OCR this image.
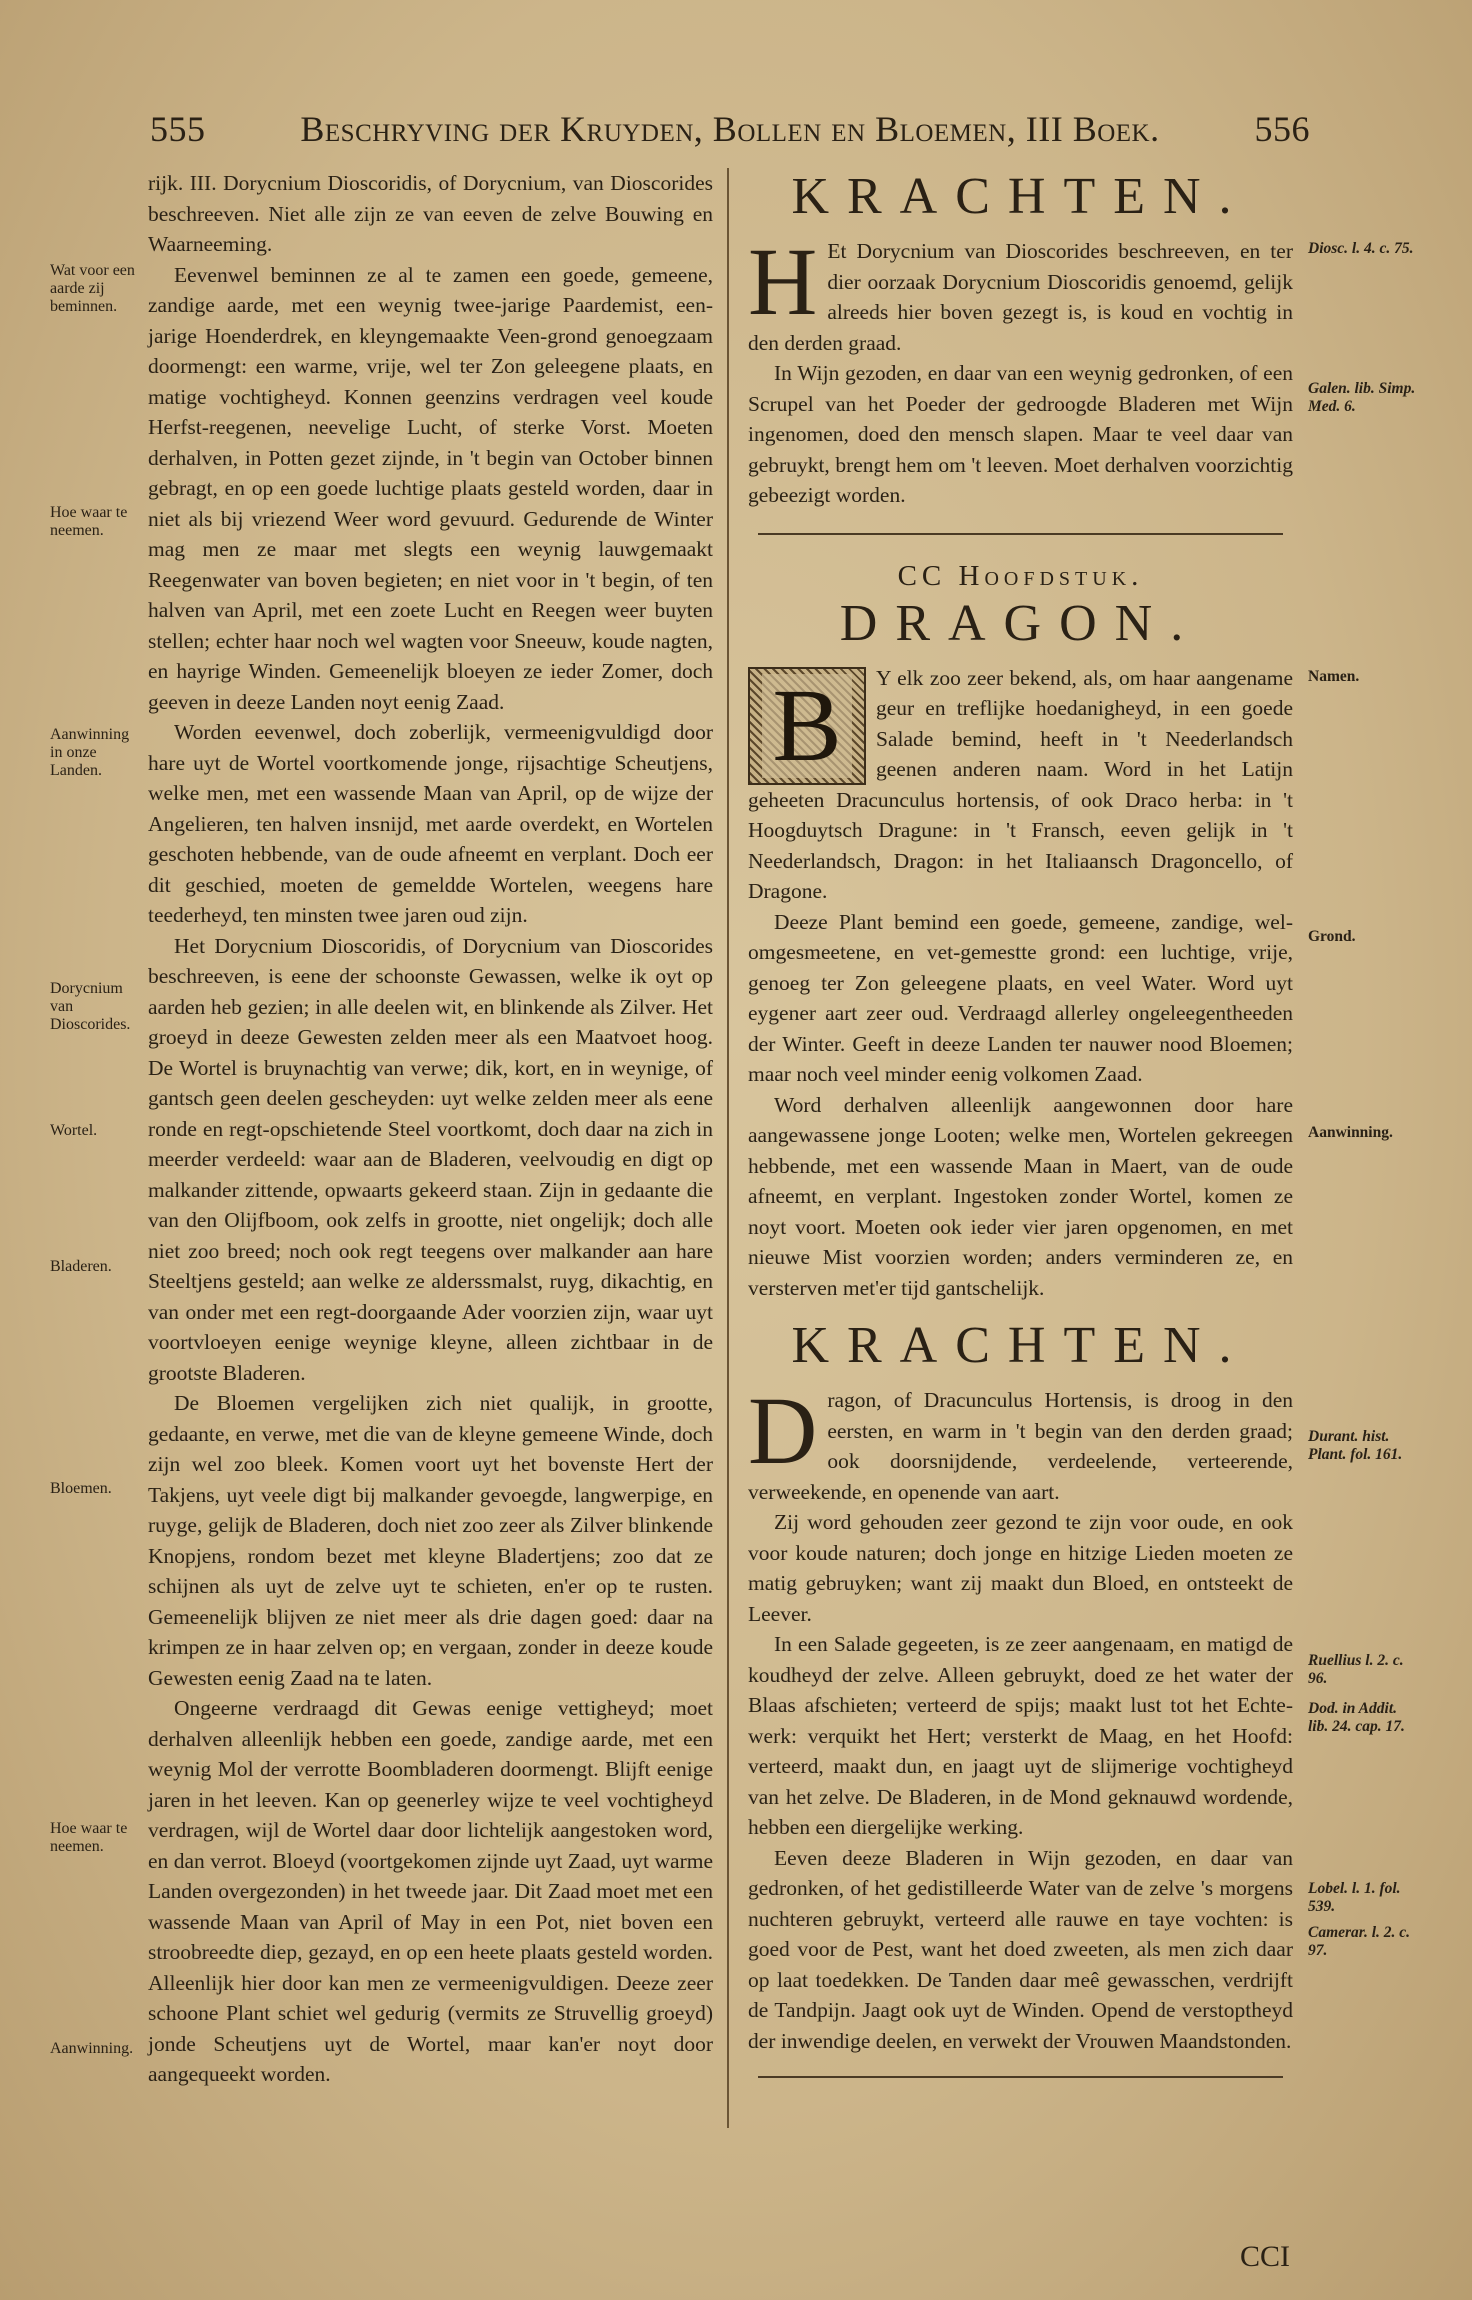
555	Beschryving der Kruyden, Bollen en Bloemen, III Boek.	556
Wat voor een aarde zij beminnen.
Hoe waar te neemen.
Aanwinning in onze Landen.
Dorycnium van Dioscorides.
Wortel.
Bladeren.
Bloemen.
Hoe waar te neemen.
Aanwinning.

rijk. III. Dorycnium Dioscoridis, of Dorycnium, van Dioscorides beschreeven. Niet alle zijn ze van eeven de zelve Bouwing en Waarneeming.

Eevenwel beminnen ze al te zamen een goede, gemeene, zandige aarde, met een weynig twee-jarige Paardemist, een-jarige Hoenderdrek, en kleyngemaakte Veen-grond genoegzaam doormengt: een warme, vrije, wel ter Zon geleegene plaats, en matige vochtigheyd. Konnen geenzins verdragen veel koude Herfst-reegenen, neevelige Lucht, of sterke Vorst. Moeten derhalven, in Potten gezet zijnde, in 't begin van October binnen gebragt, en op een goede luchtige plaats gesteld worden, daar in niet als bij vriezend Weer word gevuurd. Gedurende de Winter mag men ze maar met slegts een weynig lauwgemaakt Reegenwater van boven begieten; en niet voor in 't begin, of ten halven van April, met een zoete Lucht en Reegen weer buyten stellen; echter haar noch wel wagten voor Sneeuw, koude nagten, en hayrige Winden. Gemeenelijk bloeyen ze ieder Zomer, doch geeven in deeze Landen noyt eenig Zaad.

Worden eevenwel, doch zoberlijk, vermeenigvuldigd door hare uyt de Wortel voortkomende jonge, rijsachtige Scheutjens, welke men, met een wassende Maan van April, op de wijze der Angelieren, ten halven insnijd, met aarde overdekt, en Wortelen geschoten hebbende, van de oude afneemt en verplant. Doch eer dit geschied, moeten de gemeldde Wortelen, weegens hare teederheyd, ten minsten twee jaren oud zijn.

Het Dorycnium Dioscoridis, of Dorycnium van Dioscorides beschreeven, is eene der schoonste Gewassen, welke ik oyt op aarden heb gezien; in alle deelen wit, en blinkende als Zilver. Het groeyd in deeze Gewesten zelden meer als een Maatvoet hoog. De Wortel is bruynachtig van verwe; dik, kort, en in weynige, of gantsch geen deelen gescheyden: uyt welke zelden meer als eene ronde en regt-opschietende Steel voortkomt, doch daar na zich in meerder verdeeld: waar aan de Bladeren, veelvoudig en digt op malkander zittende, opwaarts gekeerd staan. Zijn in gedaante die van den Olijfboom, ook zelfs in grootte, niet ongelijk; doch alle niet zoo breed; noch ook regt teegens over malkander aan hare Steeltjens gesteld; aan welke ze alderssmalst, ruyg, dikachtig, en van onder met een regt-doorgaande Ader voorzien zijn, waar uyt voortvloeyen eenige weynige kleyne, alleen zichtbaar in de grootste Bladeren.

De Bloemen vergelijken zich niet qualijk, in grootte, gedaante, en verwe, met die van de kleyne gemeene Winde, doch zijn wel zoo bleek. Komen voort uyt het bovenste Hert der Takjens, uyt veele digt bij malkander gevoegde, langwerpige, en ruyge, gelijk de Bladeren, doch niet zoo zeer als Zilver blinkende Knopjens, rondom bezet met kleyne Bladertjens; zoo dat ze schijnen als uyt de zelve uyt te schieten, en'er op te rusten. Gemeenelijk blijven ze niet meer als drie dagen goed: daar na krimpen ze in haar zelven op; en vergaan, zonder in deeze koude Gewesten eenig Zaad na te laten.

Ongeerne verdraagd dit Gewas eenige vettigheyd; moet derhalven alleenlijk hebben een goede, zandige aarde, met een weynig Mol der verrotte Boombladeren doormengt. Blijft eenige jaren in het leeven. Kan op geenerley wijze te veel vochtigheyd verdragen, wijl de Wortel daar door lichtelijk aangestoken word, en dan verrot. Bloeyd (voortgekomen zijnde uyt Zaad, uyt warme Landen overgezonden) in het tweede jaar. Dit Zaad moet met een wassende Maan van April of May in een Pot, niet boven een stroobreedte diep, gezayd, en op een heete plaats gesteld worden. Alleenlijk hier door kan men ze vermeenigvuldigen. Deeze zeer schoone Plant schiet wel gedurig (vermits ze Struvellig groeyd) jonde Scheutjens uyt de Wortel, maar kan'er noyt door aangequeekt worden.

KRACHTEN.

H Et Dorycnium van Dioscorides beschreeven, en ter dier oorzaak Dorycnium Dioscoridis genoemd, gelijk alreeds hier boven gezegt is, is koud en vochtig in den derden graad.

In Wijn gezoden, en daar van een weynig gedronken, of een Scrupel van het Poeder der gedroogde Bladeren met Wijn ingenomen, doed den mensch slapen. Maar te veel daar van gebruykt, brengt hem om 't leeven. Moet derhalven voorzichtig gebeezigt worden.

CC Hoofdstuk.
DRAGON.

B	Y elk zoo zeer bekend, als, om haar aangename geur en treflijke hoedanigheyd, in een goede Salade bemind, heeft in 't Neederlandsch geenen anderen naam. Word in het Latijn geheeten Dracunculus hortensis, of ook Draco herba: in 't Hoogduytsch Dragune: in 't Fransch, eeven gelijk in 't Neederlandsch, Dragon: in het Italiaansch Dragoncello, of Dragone.

Deeze Plant bemind een goede, gemeene, zandige, wel-omgesmeetene, en vet-gemestte grond: een luchtige, vrije, genoeg ter Zon geleegene plaats, en veel Water. Word uyt eygener aart zeer oud. Verdraagd allerley ongeleegentheeden der Winter. Geeft in deeze Landen ter nauwer nood Bloemen; maar noch veel minder eenig volkomen Zaad.

Word derhalven alleenlijk aangewonnen door hare aangewassene jonge Looten; welke men, Wortelen gekreegen hebbende, met een wassende Maan in Maert, van de oude afneemt, en verplant. Ingestoken zonder Wortel, komen ze noyt voort. Moeten ook ieder vier jaren opgenomen, en met nieuwe Mist voorzien worden; anders verminderen ze, en versterven met'er tijd gantschelijk.

KRACHTEN.

D ragon, of Dracunculus Hortensis, is droog in den eersten, en warm in 't begin van den derden graad; ook doorsnijdende, verdeelende, verteerende, verweekende, en openende van aart.

Zij word gehouden zeer gezond te zijn voor oude, en ook voor koude naturen; doch jonge en hitzige Lieden moeten ze matig gebruyken; want zij maakt dun Bloed, en ontsteekt de Leever.

In een Salade gegeeten, is ze zeer aangenaam, en matigd de koudheyd der zelve. Alleen gebruykt, doed ze het water der Blaas afschieten; verteerd de spijs; maakt lust tot het Echte-werk: verquikt het Hert; versterkt de Maag, en het Hoofd: verteerd, maakt dun, en jaagt uyt de slijmerige vochtigheyd van het zelve. De Bladeren, in de Mond geknauwd wordende, hebben een diergelijke werking.

Eeven deeze Bladeren in Wijn gezoden, en daar van gedronken, of het gedistilleerde Water van de zelve 's morgens nuchteren gebruykt, verteerd alle rauwe en taye vochten: is goed voor de Pest, want het doed zweeten, als men zich daar op laat toedekken. De Tanden daar meê gewasschen, verdrijft de Tandpijn. Jaagt ook uyt de Winden. Opend de verstoptheyd der inwendige deelen, en verwekt der Vrouwen Maandstonden.

Diosc. l. 4. c. 75.
Galen. lib. Simp. Med. 6.
Namen.
Grond.
Aanwinning.
Durant. hist. Plant. fol. 161.
Ruellius l. 2. c. 96.
Dod. in Addit. lib. 24. cap. 17.
Lobel. l. 1. fol. 539.
Camerar. l. 2. c. 97.
CCI
